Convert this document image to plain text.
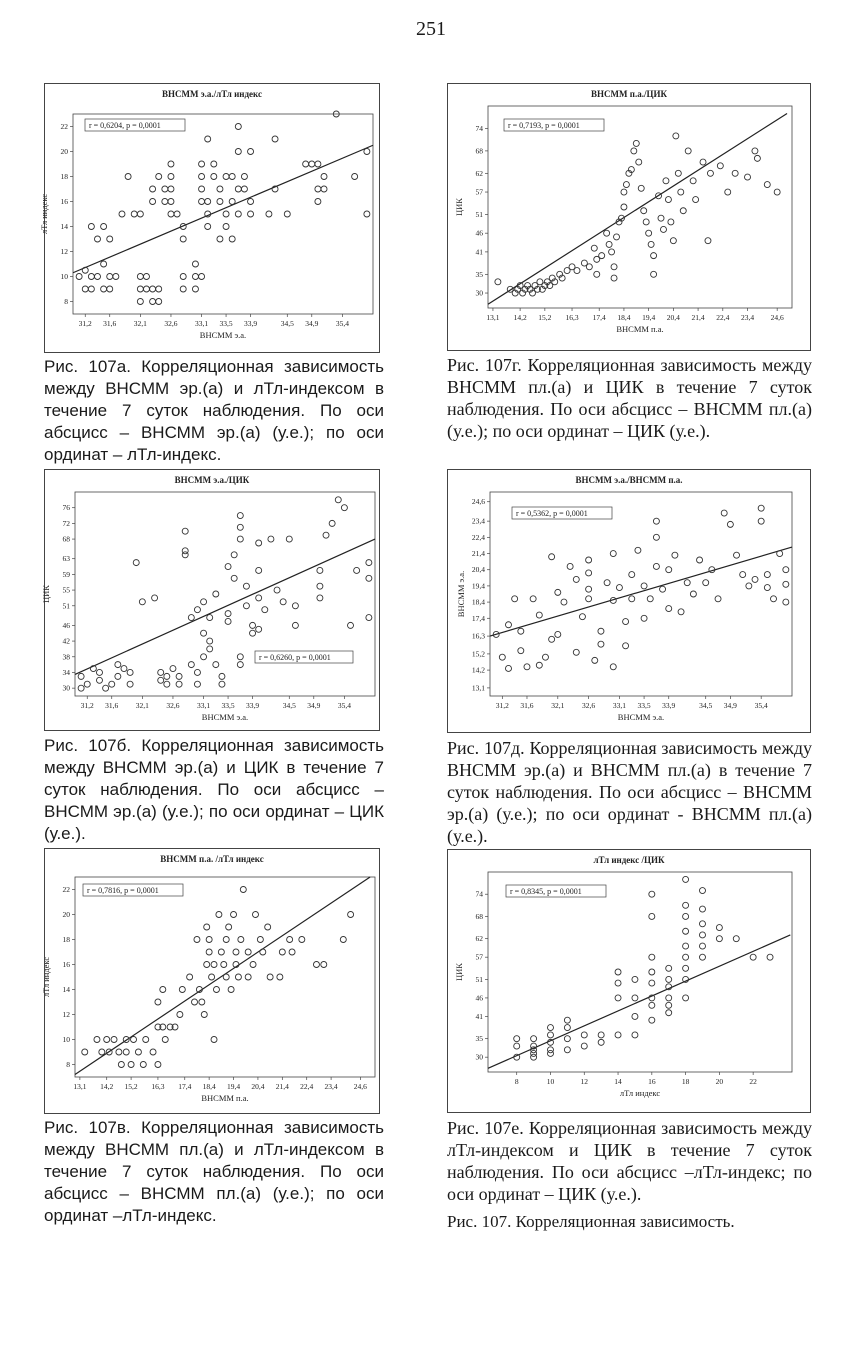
251
ВНСММ э.а./лТл индекс
31,2 31,6 32,1 32,6 33,1 33,5 33,9	34,5 34,9 35,4
8
10
12
14
16
18
20
22
ВНСММ э.а.
лТл индекс
r = 0,6204, p = 0,0001
Рис. 107а. Корреляционная зависимость между ВНСММ эр.(а) и лТл-индексом в течение 7 суток наблюдения. По оси абсцисс – ВНСММ эр.(а) (у.е.); по оси ординат – лТл-индекс.
ВНСММ э.а./ЦИК
31,2 31,6 32,1 32,6 33,1 33,5 33,9	34,5 34,9 35,4
30
34
38
42
46
51
55
59
63
68
72
76
ВНСММ э.а.
ЦИК
r = 0,6260, p = 0,0001
Рис. 107б. Корреляционная зависимость между ВНСММ эр.(а) и ЦИК в течение 7 суток наблюдения. По оси абсцисс – ВНСММ эр.(а) (у.е.); по оси ординат – ЦИК (у.е.).
ВНСММ п.а. /лТл индекс
13,1 14,2 15,2 16,3 17,4 18,4 19,4 20,4 21,4 22,4 23,4 24,6
8
10
12
14
16
18
20
22
ВНСММ п.а.
лТл индекс
r = 0,7816, p = 0,0001
Рис. 107в. Корреляционная зависимость между ВНСММ пл.(а) и лТл-индексом в течение 7 суток наблюдения. По оси абсцисс – ВНСММ пл.(а) (у.е.); по оси ординат –лТл-индекс.
ВНСММ п.а./ЦИК
13,1 14,2 15,2 16,3 17,4 18,4 19,4 20,4 21,4 22,4 23,4 24,6
30
35
41
46
51
57
62
68
74
ВНСММ п.а.
ЦИК
r = 0,7193, p = 0,0001
Рис. 107г. Корреляционная зависимость между ВНСММ пл.(а) и ЦИК в течение 7 суток наблюдения. По оси абсцисс – ВНСММ пл.(а) (у.е.); по оси ординат – ЦИК (у.е.).
ВНСММ э.а./ВНСММ п.а.
31,2 31,6 32,1 32,6 33,1 33,5 33,9	34,5 34,9 35,4
13,1
14,2
15,2
16,3
17,4
18,4
19,4
20,4
21,4
22,4
23,4
24,6
ВНСММ э.а.
ВНСММ э.а.
r = 0,5362, p = 0,0001
Рис. 107д. Корреляционная зависимость между ВНСММ эр.(а) и ВНСММ пл.(а) в течение 7 суток наблюдения. По оси абсцисс – ВНСММ эр.(а) (у.е.); по оси ординат - ВНСММ пл.(а) (у.е.).
лТл индекс /ЦИК
8	10	12	14	16	18	20	22
30
35
41
46
51
57
62
68
74
лТл индекс
ЦИК
r = 0,8345, p = 0,0001
Рис. 107е. Корреляционная зависимость между лТл-индексом и ЦИК в течение 7 суток наблюдения. По оси абсцисс –лТл-индекс; по оси ординат – ЦИК (у.е.).
Рис. 107. Корреляционная зависимость.
